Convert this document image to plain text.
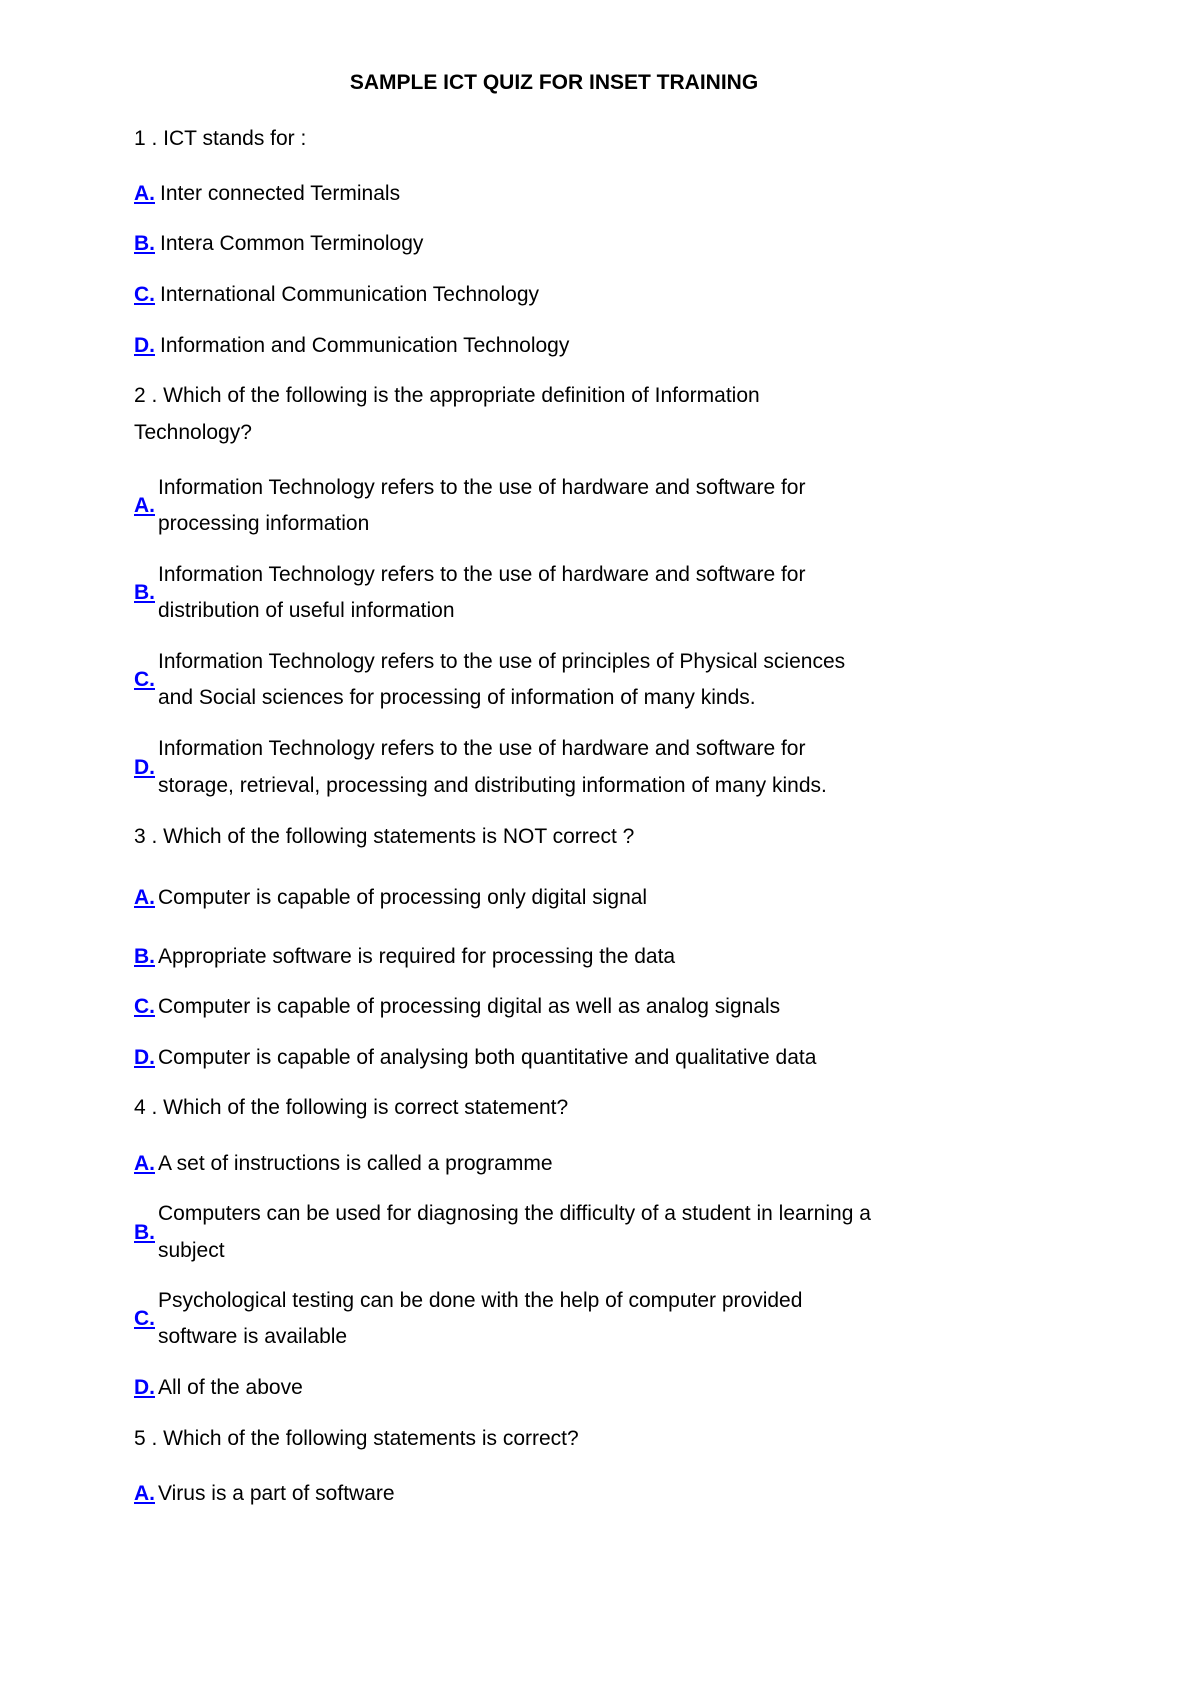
SAMPLE ICT QUIZ FOR INSET TRAINING
1 . ICT stands for :
A. Inter connected Terminals
B. Intera Common Terminology
C. International Communication Technology
D. Information and Communication Technology
2 . Which of the following is the appropriate definition of Information
Technology?
A.
Information Technology refers to the use of hardware and software for
processing information
B.
Information Technology refers to the use of hardware and software for
distribution of useful information
C.
Information Technology refers to the use of principles of Physical sciences
and Social sciences for processing of information of many kinds.
D.
Information Technology refers to the use of hardware and software for
storage, retrieval, processing and distributing information of many kinds.
3 . Which of the following statements is NOT correct ?
A. Computer is capable of processing only digital signal
B. Appropriate software is required for processing the data
C. Computer is capable of processing digital as well as analog signals
D. Computer is capable of analysing both quantitative and qualitative data
4 . Which of the following is correct statement?
A. A set of instructions is called a programme
B.
Computers can be used for diagnosing the difficulty of a student in learning a
subject
C.
Psychological testing can be done with the help of computer provided
software is available
D. All of the above
5 . Which of the following statements is correct?
A. Virus is a part of software
